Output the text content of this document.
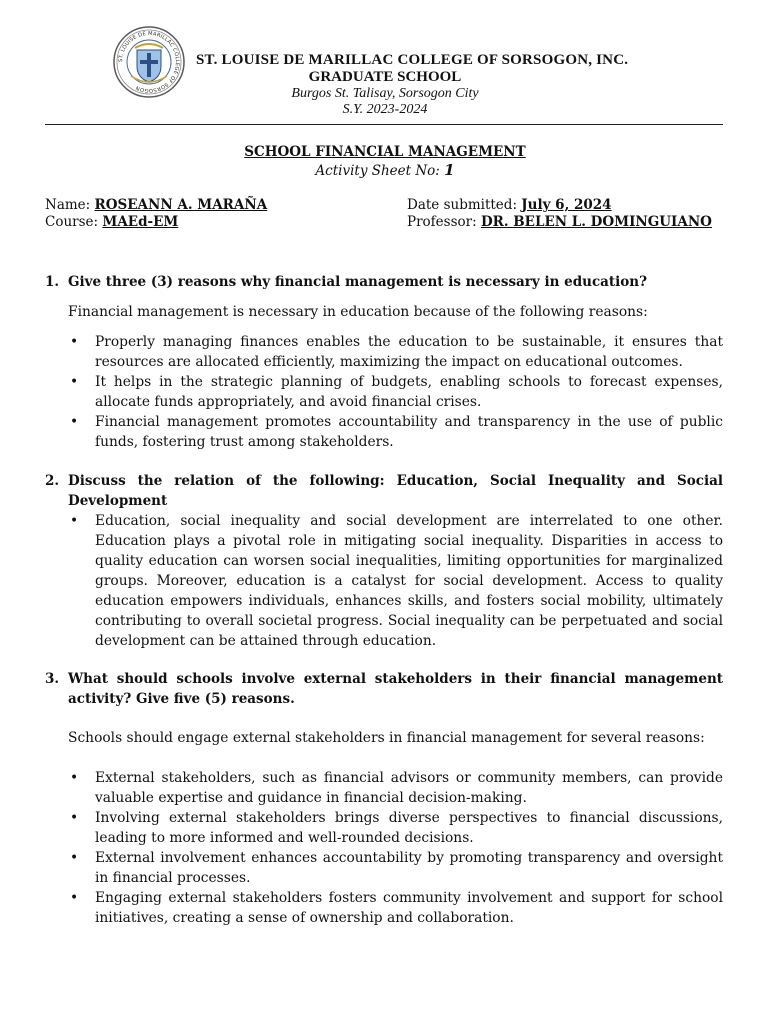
ST. LOUISE DE MARILLAC COLLEGE OF SORSOGON
ST. LOUISE DE MARILLAC COLLEGE OF SORSOGON, INC.
GRADUATE SCHOOL
Burgos St. Talisay, Sorsogon City
S.Y. 2023-2024
SCHOOL FINANCIAL MANAGEMENT
Activity Sheet No: 1
Name: ROSEANN A. MARAÑA
Course: MAEd-EM
Date submitted: July 6, 2024
Professor: DR. BELEN L. DOMINGUIANO
1. Give three (3) reasons why financial management is necessary in education?
Financial management is necessary in education because of the following reasons:
• Properly managing finances enables the education to be sustainable, it ensures that resources are allocated efficiently, maximizing the impact on educational outcomes.
• It helps in the strategic planning of budgets, enabling schools to forecast expenses, allocate funds appropriately, and avoid financial crises.
• Financial management promotes accountability and transparency in the use of public funds, fostering trust among stakeholders.
2. Discuss the relation of the following: Education, Social Inequality and Social Development
• Education, social inequality and social development are interrelated to one other. Education plays a pivotal role in mitigating social inequality. Disparities in access to quality education can worsen social inequalities, limiting opportunities for marginalized groups. Moreover, education is a catalyst for social development. Access to quality education empowers individuals, enhances skills, and fosters social mobility, ultimately contributing to overall societal progress. Social inequality can be perpetuated and social development can be attained through education.
3. What should schools involve external stakeholders in their financial management activity? Give five (5) reasons.
Schools should engage external stakeholders in financial management for several reasons:
• External stakeholders, such as financial advisors or community members, can provide valuable expertise and guidance in financial decision-making.
• Involving external stakeholders brings diverse perspectives to financial discussions, leading to more informed and well-rounded decisions.
• External involvement enhances accountability by promoting transparency and oversight in financial processes.
• Engaging external stakeholders fosters community involvement and support for school initiatives, creating a sense of ownership and collaboration.
